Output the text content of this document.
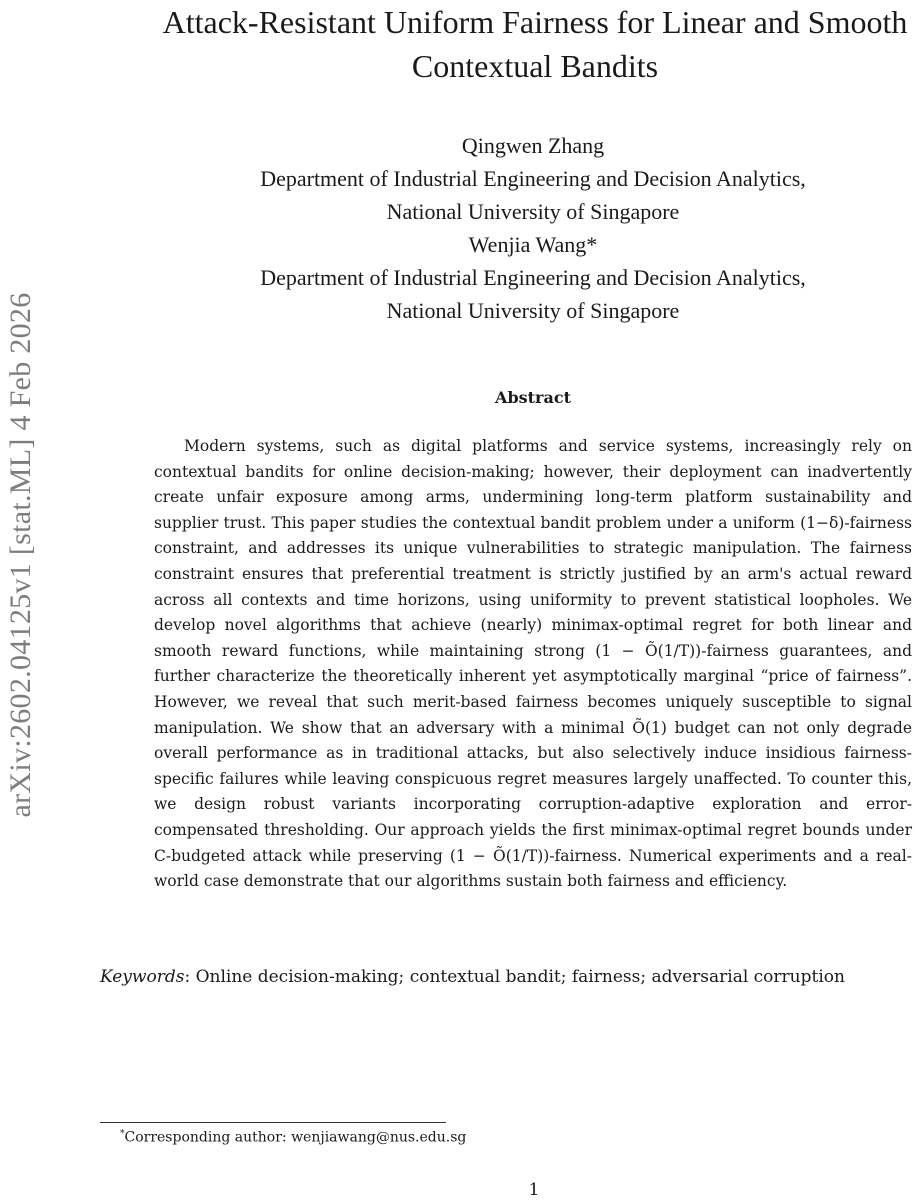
arXiv:2602.04125v1 [stat.ML] 4 Feb 2026
Attack-Resistant Uniform Fairness for Linear and Smooth Contextual Bandits
Qingwen Zhang
Department of Industrial Engineering and Decision Analytics,
National University of Singapore
Wenjia Wang*
Department of Industrial Engineering and Decision Analytics,
National University of Singapore
Abstract

Modern systems, such as digital platforms and service systems, increasingly rely on contextual bandits for online decision-making; however, their deployment can inadvertently create unfair exposure among arms, undermining long-term platform sustainability and supplier trust. This paper studies the contextual bandit problem under a uniform (1−δ)-fairness constraint, and addresses its unique vulnerabilities to strategic manipulation. The fairness constraint ensures that preferential treatment is strictly justified by an arm's actual reward across all contexts and time horizons, using uniformity to prevent statistical loopholes. We develop novel algorithms that achieve (nearly) minimax-optimal regret for both linear and smooth reward functions, while maintaining strong (1 − Õ(1/T))-fairness guarantees, and further characterize the theoretically inherent yet asymptotically marginal “price of fairness”. However, we reveal that such merit-based fairness becomes uniquely susceptible to signal manipulation. We show that an adversary with a minimal Õ(1) budget can not only degrade overall performance as in traditional attacks, but also selectively induce insidious fairness-specific failures while leaving conspicuous regret measures largely unaffected. To counter this, we design robust variants incorporating corruption-adaptive exploration and error-compensated thresholding. Our approach yields the first minimax-optimal regret bounds under C-budgeted attack while preserving (1 − Õ(1/T))-fairness. Numerical experiments and a real-world case demonstrate that our algorithms sustain both fairness and efficiency.

Keywords: Online decision-making; contextual bandit; fairness; adversarial corruption
*Corresponding author: wenjiawang@nus.edu.sg
1
